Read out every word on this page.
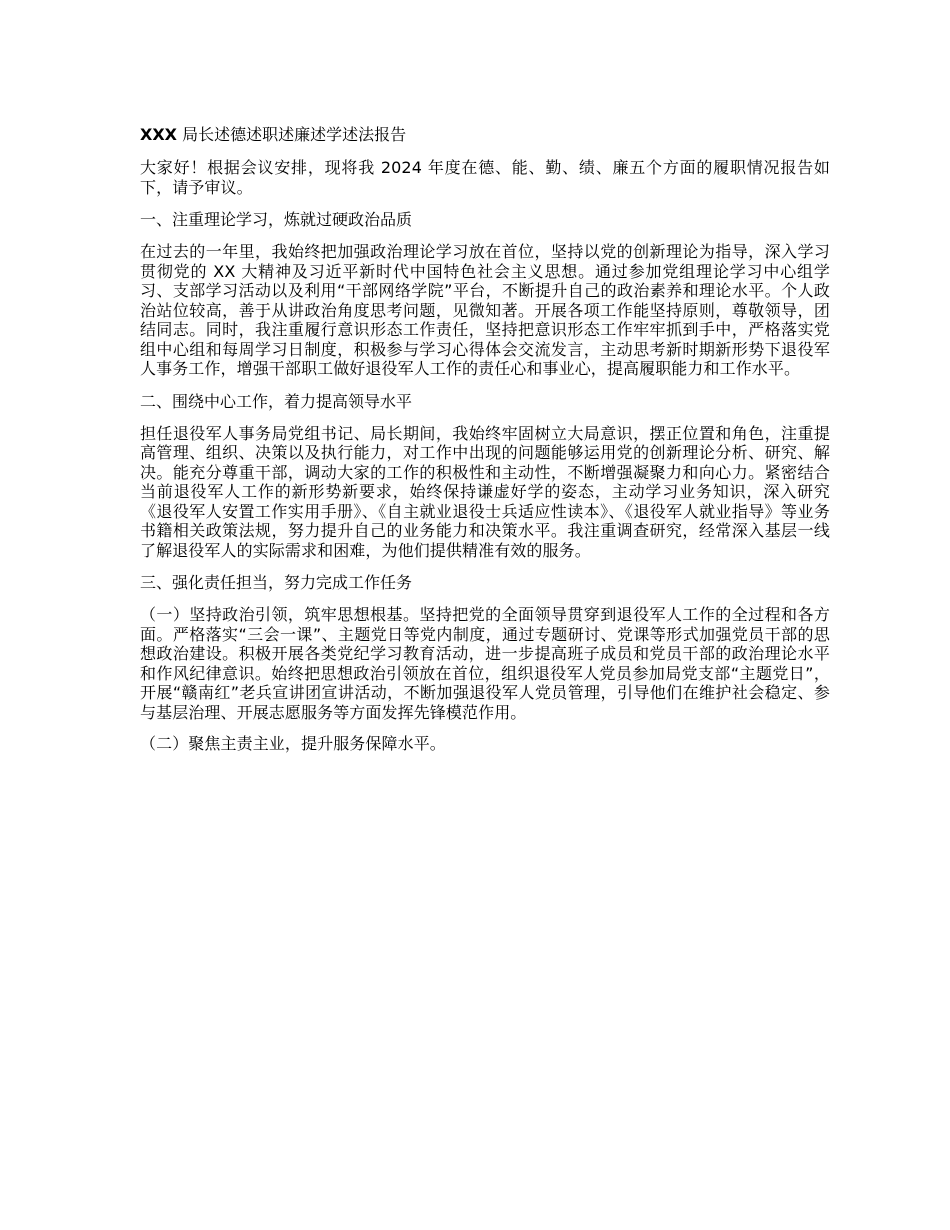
XXX 局长述德述职述廉述学述法报告

大家好！根据会议安排，现将我 2024 年度在德、能、勤、绩、廉五个方面的履职情况报告如下，请予审议。

一、注重理论学习，炼就过硬政治品质

在过去的一年里，我始终把加强政治理论学习放在首位，坚持以党的创新理论为指导，深入学习贯彻党的 XX 大精神及习近平新时代中国特色社会主义思想。通过参加党组理论学习中心组学习、支部学习活动以及利用“干部网络学院”平台，不断提升自己的政治素养和理论水平。个人政治站位较高，善于从讲政治角度思考问题，见微知著。开展各项工作能坚持原则，尊敬领导，团结同志。同时，我注重履行意识形态工作责任，坚持把意识形态工作牢牢抓到手中，严格落实党组中心组和每周学习日制度，积极参与学习心得体会交流发言，主动思考新时期新形势下退役军人事务工作，增强干部职工做好退役军人工作的责任心和事业心，提高履职能力和工作水平。

二、围绕中心工作，着力提高领导水平

担任退役军人事务局党组书记、局长期间，我始终牢固树立大局意识，摆正位置和角色，注重提高管理、组织、决策以及执行能力，对工作中出现的问题能够运用党的创新理论分析、研究、解决。能充分尊重干部，调动大家的工作的积极性和主动性，不断增强凝聚力和向心力。紧密结合当前退役军人工作的新形势新要求，始终保持谦虚好学的姿态，主动学习业务知识，深入研究《退役军人安置工作实用手册》、《自主就业退役士兵适应性读本》、《退役军人就业指导》等业务书籍相关政策法规，努力提升自己的业务能力和决策水平。我注重调查研究，经常深入基层一线了解退役军人的实际需求和困难，为他们提供精准有效的服务。

三、强化责任担当，努力完成工作任务

（一）坚持政治引领，筑牢思想根基。坚持把党的全面领导贯穿到退役军人工作的全过程和各方面。严格落实“三会一课”、主题党日等党内制度，通过专题研讨、党课等形式加强党员干部的思想政治建设。积极开展各类党纪学习教育活动，进一步提高班子成员和党员干部的政治理论水平和作风纪律意识。始终把思想政治引领放在首位，组织退役军人党员参加局党支部“主题党日”，开展“赣南红”老兵宣讲团宣讲活动，不断加强退役军人党员管理，引导他们在维护社会稳定、参与基层治理、开展志愿服务等方面发挥先锋模范作用。

（二）聚焦主责主业，提升服务保障水平。
